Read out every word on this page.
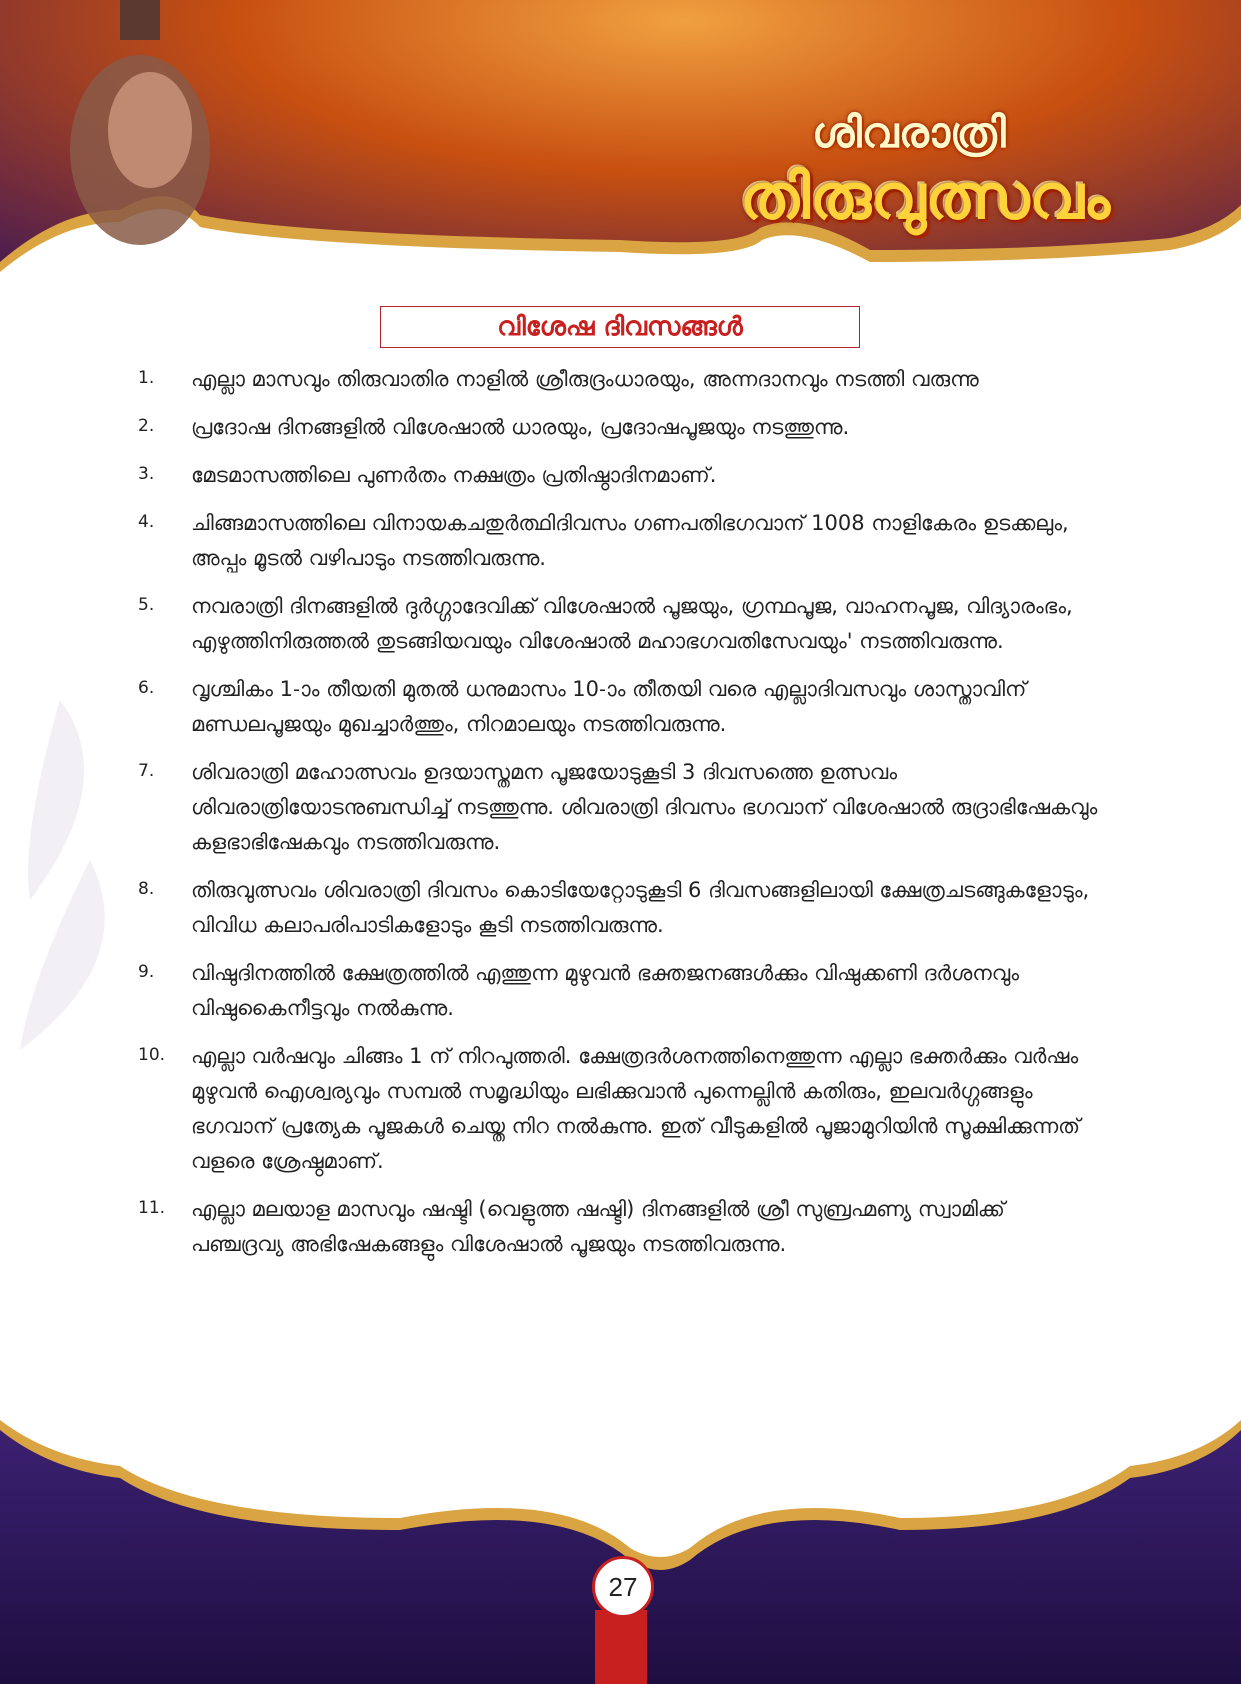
ശിവരാത്രി
തിരുവുത്സവം
വിശേഷ ദിവസങ്ങൾ
1.	എല്ലാ മാസവും തിരുവാതിര നാളിൽ ശ്രീരുദ്രംധാരയും, അന്നദാനവും നടത്തി വരുന്നു
2.	പ്രദോഷ ദിനങ്ങളിൽ വിശേഷാൽ ധാരയും, പ്രദോഷപൂജയും നടത്തുന്നു.
3.	മേടമാസത്തിലെ പുണർതം നക്ഷത്രം പ്രതിഷ്ഠാദിനമാണ്.
4.	ചിങ്ങമാസത്തിലെ വിനായകചതുർത്ഥിദിവസം ഗണപതിഭഗവാന് 1008 നാളികേരം ഉടക്കലും, അപ്പം മൂടൽ വഴിപാടും നടത്തിവരുന്നു.
5.	നവരാത്രി ദിനങ്ങളിൽ ദുർഗ്ഗാദേവിക്ക് വിശേഷാൽ പൂജയും, ഗ്രന്ഥപൂജ, വാഹനപൂജ, വിദ്യാരംഭം, എഴുത്തിനിരുത്തൽ തുടങ്ങിയവയും വിശേഷാൽ മഹാഭഗവതിസേവയും' നടത്തിവരുന്നു.
6.	വൃശ്ചികം 1-ാം തീയതി മുതൽ ധനുമാസം 10-ാം തീതയി വരെ എല്ലാദിവസവും ശാസ്താവിന് മണ്ഡലപൂജയും മുഖച്ചാർത്തും, നിറമാലയും നടത്തിവരുന്നു.
7.	ശിവരാത്രി മഹോത്സവം ഉദയാസ്തമന പൂജയോടുകൂടി 3 ദിവസത്തെ ഉത്സവം ശിവരാത്രിയോടനുബന്ധിച്ച് നടത്തുന്നു. ശിവരാത്രി ദിവസം ഭഗവാന് വിശേഷാൽ രുദ്രാഭിഷേകവും കളഭാഭിഷേകവും നടത്തിവരുന്നു.
8.	തിരുവുത്സവം ശിവരാത്രി ദിവസം കൊടിയേറ്റോടുകൂടി 6 ദിവസങ്ങളിലായി ക്ഷേത്രചടങ്ങുകളോടും, വിവിധ കലാപരിപാടികളോടും കൂടി നടത്തിവരുന്നു.
9.	വിഷുദിനത്തിൽ ക്ഷേത്രത്തിൽ എത്തുന്ന മുഴുവൻ ഭക്തജനങ്ങൾക്കും വിഷുക്കണി ദർശനവും വിഷുകൈനീട്ടവും നൽകുന്നു.
10.	എല്ലാ വർഷവും ചിങ്ങം 1 ന് നിറപുത്തരി. ക്ഷേത്രദർശനത്തിനെത്തുന്ന എല്ലാ ഭക്തർക്കും വർഷം മുഴുവൻ ഐശ്വര്യവും സമ്പൽ സമൃദ്ധിയും ലഭിക്കുവാൻ പുന്നെല്ലിൻ കതിരും, ഇലവർഗ്ഗങ്ങളും ഭഗവാന് പ്രത്യേക പൂജകൾ ചെയ്ത നിറ നൽകുന്നു. ഇത് വീടുകളിൽ പൂജാമുറിയിൻ സൂക്ഷിക്കുന്നത് വളരെ ശ്രേഷ്ഠമാണ്.
11.	എല്ലാ മലയാള മാസവും ഷഷ്ടി (വെളുത്ത ഷഷ്ടി) ദിനങ്ങളിൽ ശ്രീ സുബ്രഹ്മണ്യ സ്വാമിക്ക് പഞ്ചദ്രവ്യ അഭിഷേകങ്ങളും വിശേഷാൽ പൂജയും നടത്തിവരുന്നു.
27
